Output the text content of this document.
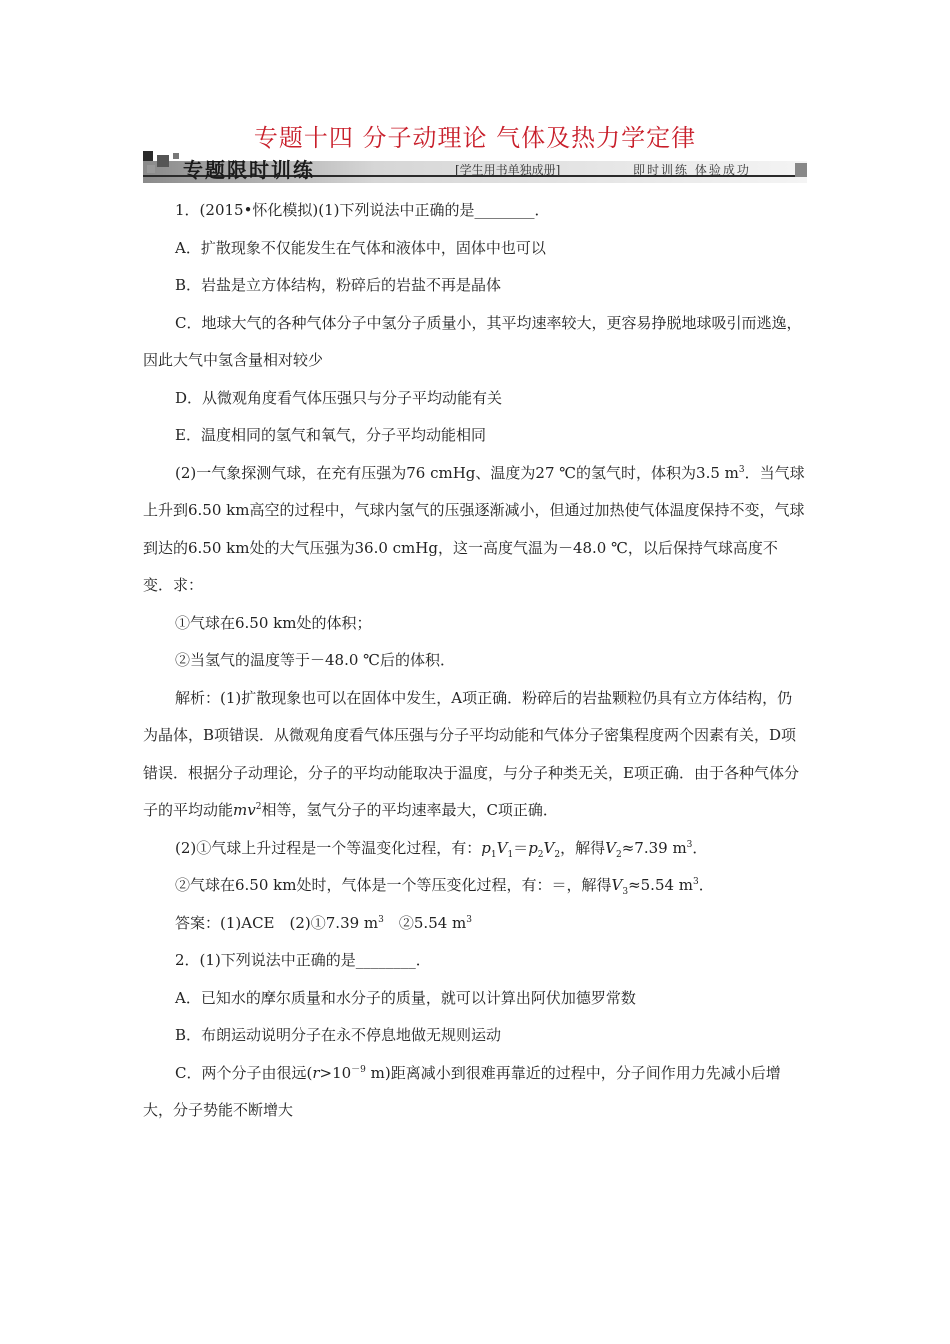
专题十四 分子动理论 气体及热力学定律
专题限时训练	[学生用书单独成册]	即时训练 体验成功

1．(2015•怀化模拟)(1)下列说法中正确的是________．

A．扩散现象不仅能发生在气体和液体中，固体中也可以

B．岩盐是立方体结构，粉碎后的岩盐不再是晶体

C．地球大气的各种气体分子中氢分子质量小，其平均速率较大，更容易挣脱地球吸引而逃逸，因此大气中氢含量相对较少

D．从微观角度看气体压强只与分子平均动能有关

E．温度相同的氢气和氧气，分子平均动能相同

(2)一气象探测气球，在充有压强为76 cmHg、温度为27 ℃的氢气时，体积为3.5 $m^3$．当气球上升到6.50 km高空的过程中，气球内氢气的压强逐渐减小，但通过加热使气体温度保持不变，气球到达的6.50 km处的大气压强为36.0 cmHg，这一高度气温为－48.0 ℃，以后保持气球高度不变．求：

①气球在6.50 km处的体积；

②当氢气的温度等于－48.0 ℃后的体积．

解析：(1)扩散现象也可以在固体中发生，A项正确．粉碎后的岩盐颗粒仍具有立方体结构，仍为晶体，B项错误．从微观角度看气体压强与分子平均动能和气体分子密集程度两个因素有关，D项错误．根据分子动理论，分子的平均动能取决于温度，与分子种类无关，E项正确．由于各种气体分子的平均动能$mv^2$相等，氢气分子的平均速率最大，C项正确．

(2)①气球上升过程是一个等温变化过程，有：$p_1V_1=p_2V_2$，解得$V_2\approx 7.39$ $m^3$．

②气球在6.50 km处时，气体是一个等压变化过程，有：＝，解得$V_3\approx 5.54$ $m^3$．

答案：(1)ACE　(2)①7.39 $m^3$　②5.54 $m^3$

2．(1)下列说法中正确的是________．

A．已知水的摩尔质量和水分子的质量，就可以计算出阿伏加德罗常数

B．布朗运动说明分子在永不停息地做无规则运动

C．两个分子由很远($r>10^{-9}$ m)距离减小到很难再靠近的过程中，分子间作用力先减小后增大，分子势能不断增大
